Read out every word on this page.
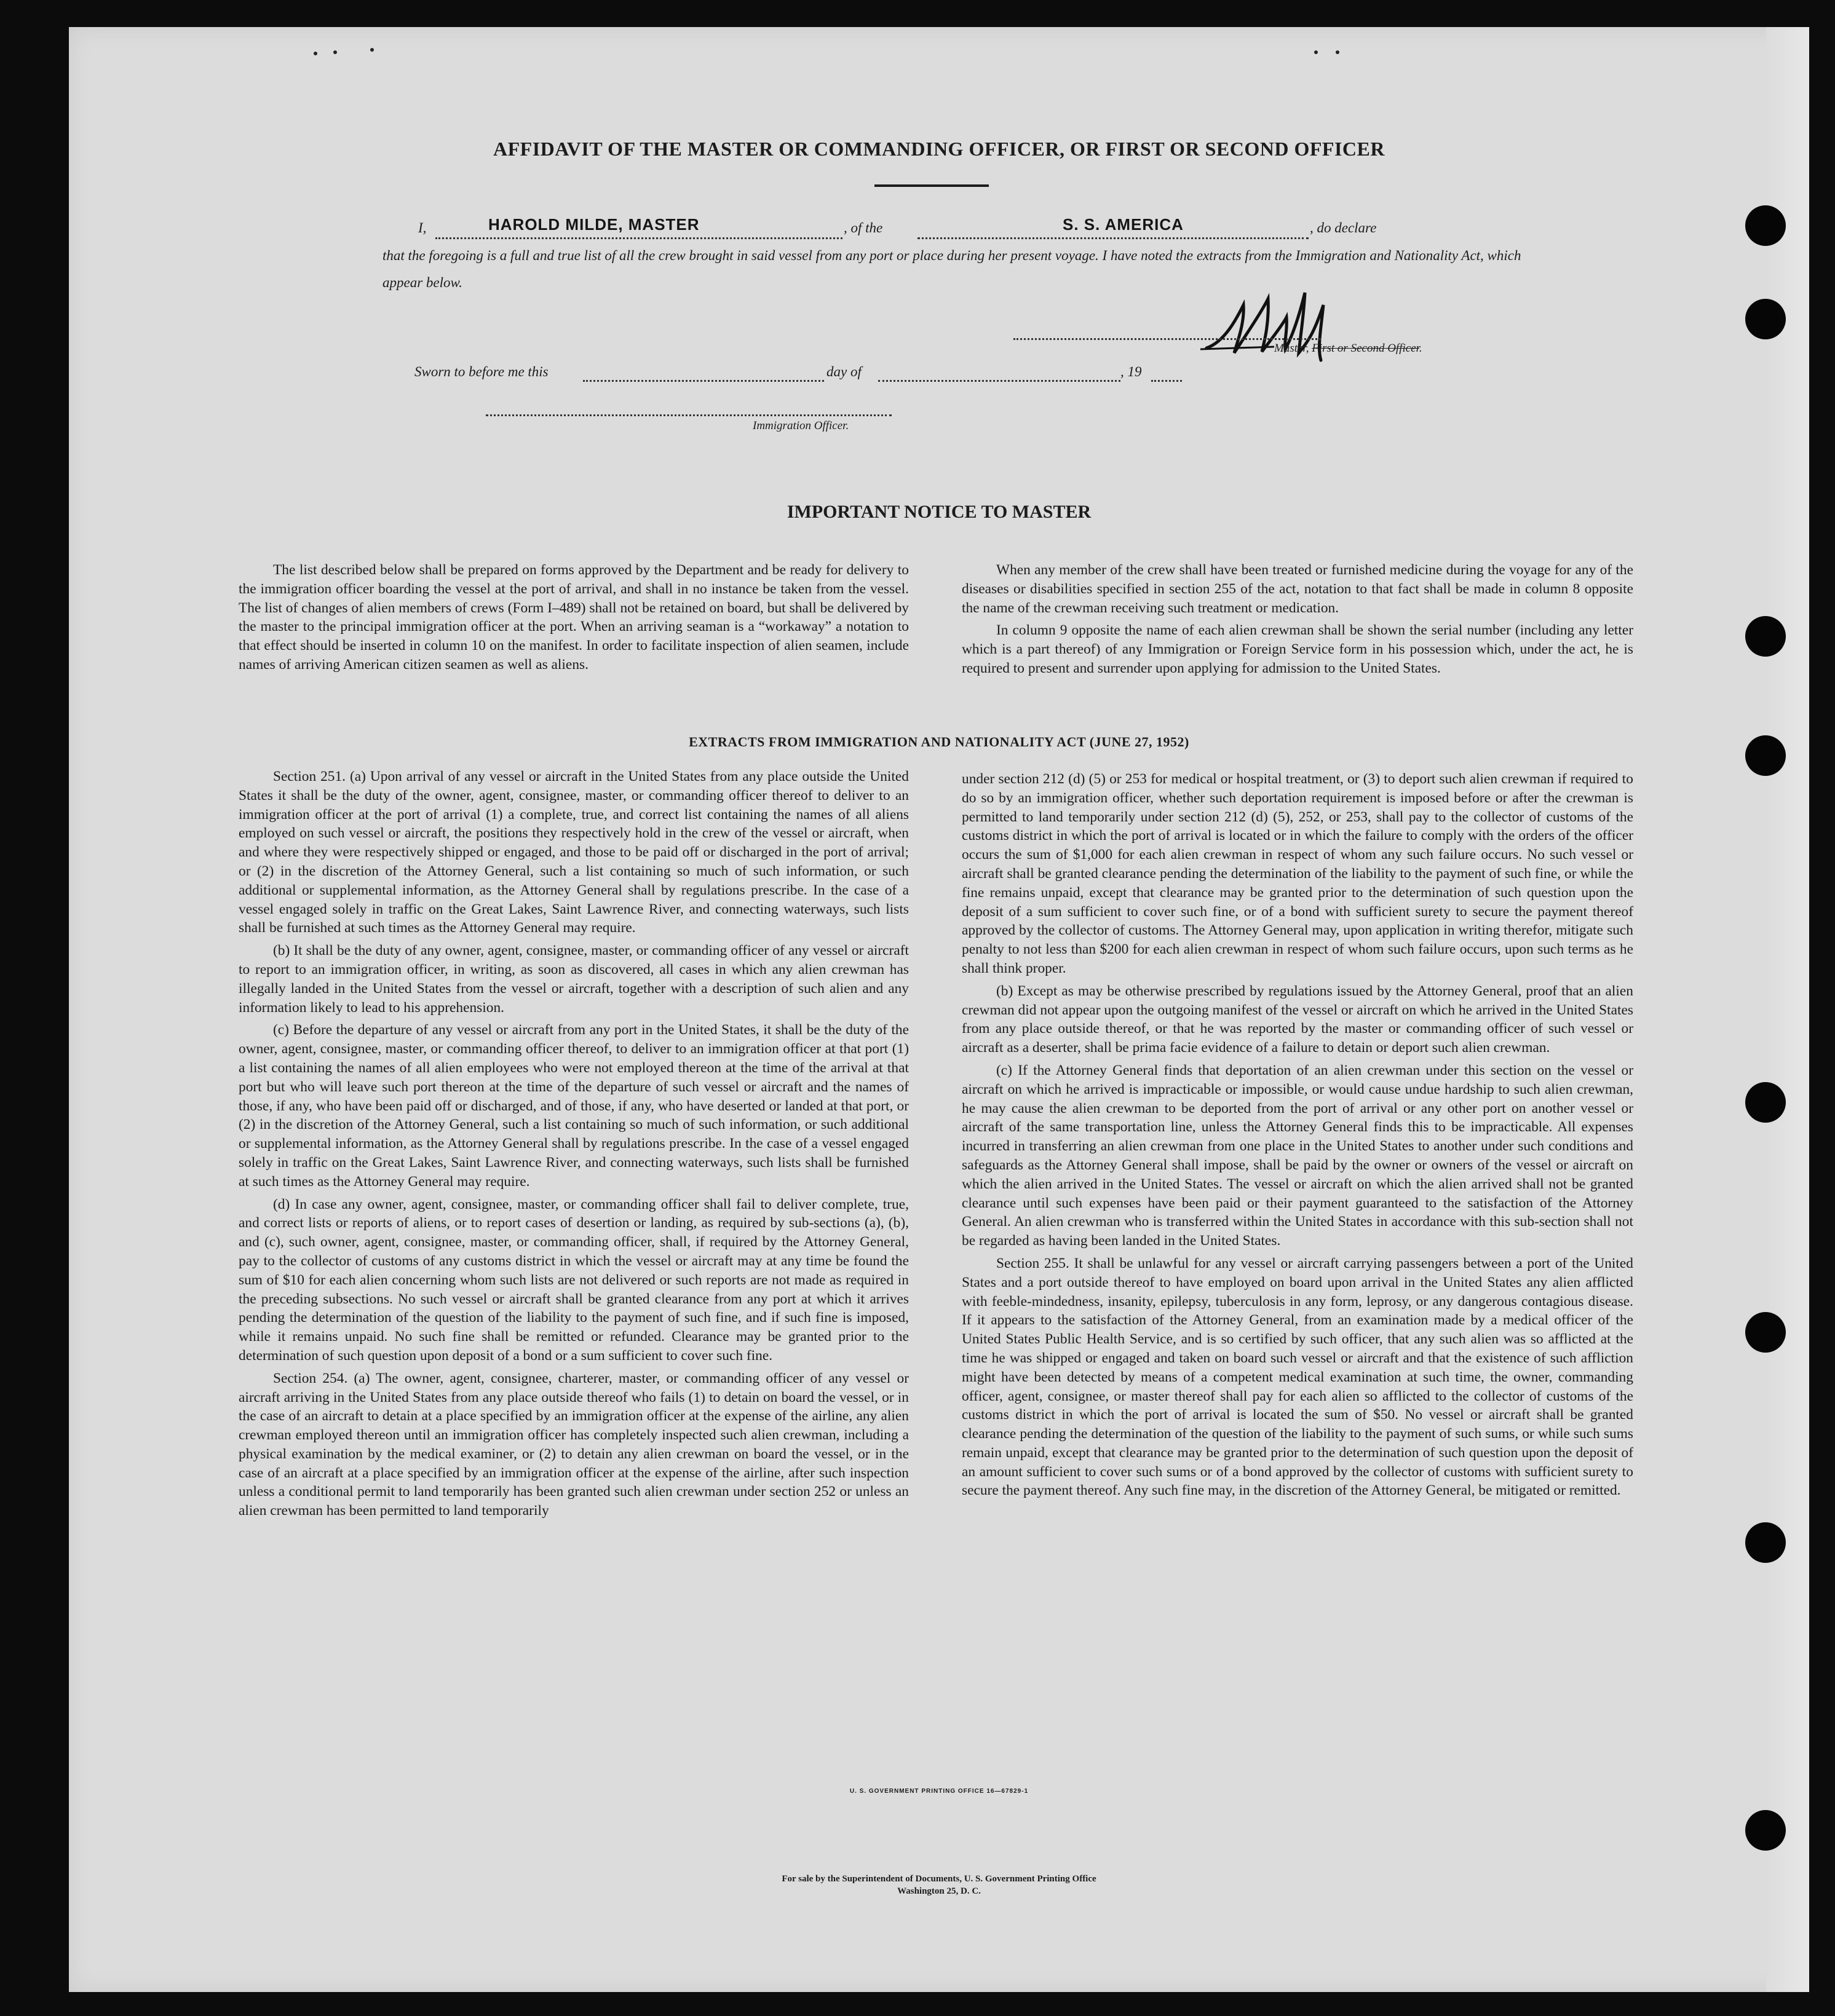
AFFIDAVIT OF THE MASTER OR COMMANDING OFFICER, OR FIRST OR SECOND OFFICER
I,	HAROLD MILDE, MASTER	, of the	S. S. AMERICA	, do declare
that the foregoing is a full and true list of all the crew brought in said vessel from any port or place during her present voyage. I have noted the extracts from the Immigration and Nationality Act, which appear below.
Master, First or Second Officer.
Sworn to before me this	day of	, 19
Immigration Officer.
IMPORTANT NOTICE TO MASTER

The list described below shall be prepared on forms approved by the Department and be ready for delivery to the immigration officer boarding the vessel at the port of arrival, and shall in no instance be taken from the vessel. The list of changes of alien members of crews (Form I–489) shall not be retained on board, but shall be delivered by the master to the principal immigration officer at the port. When an arriving seaman is a “workaway” a notation to that effect should be inserted in column 10 on the manifest. In order to facilitate inspection of alien seamen, include names of arriving American citizen seamen as well as aliens.

When any member of the crew shall have been treated or furnished medicine during the voyage for any of the diseases or disabilities specified in section 255 of the act, notation to that fact shall be made in column 8 opposite the name of the crewman receiving such treatment or medication.

In column 9 opposite the name of each alien crewman shall be shown the serial number (including any letter which is a part thereof) of any Immigration or Foreign Service form in his possession which, under the act, he is required to present and surrender upon applying for admission to the United States.

EXTRACTS FROM IMMIGRATION AND NATIONALITY ACT (JUNE 27, 1952)

Section 251. (a) Upon arrival of any vessel or aircraft in the United States from any place outside the United States it shall be the duty of the owner, agent, consignee, master, or commanding officer thereof to deliver to an immigration officer at the port of arrival (1) a complete, true, and correct list containing the names of all aliens employed on such vessel or aircraft, the positions they respectively hold in the crew of the vessel or aircraft, when and where they were respectively shipped or engaged, and those to be paid off or discharged in the port of arrival; or (2) in the discretion of the Attorney General, such a list containing so much of such information, or such additional or supplemental information, as the Attorney General shall by regulations prescribe. In the case of a vessel engaged solely in traffic on the Great Lakes, Saint Lawrence River, and connecting waterways, such lists shall be furnished at such times as the Attorney General may require.

(b) It shall be the duty of any owner, agent, consignee, master, or commanding officer of any vessel or aircraft to report to an immigration officer, in writing, as soon as discovered, all cases in which any alien crewman has illegally landed in the United States from the vessel or aircraft, together with a description of such alien and any information likely to lead to his apprehension.

(c) Before the departure of any vessel or aircraft from any port in the United States, it shall be the duty of the owner, agent, consignee, master, or commanding officer thereof, to deliver to an immigration officer at that port (1) a list containing the names of all alien employees who were not employed thereon at the time of the arrival at that port but who will leave such port thereon at the time of the departure of such vessel or aircraft and the names of those, if any, who have been paid off or discharged, and of those, if any, who have deserted or landed at that port, or (2) in the discretion of the Attorney General, such a list containing so much of such information, or such additional or supplemental information, as the Attorney General shall by regulations prescribe. In the case of a vessel engaged solely in traffic on the Great Lakes, Saint Lawrence River, and connecting waterways, such lists shall be furnished at such times as the Attorney General may require.

(d) In case any owner, agent, consignee, master, or commanding officer shall fail to deliver complete, true, and correct lists or reports of aliens, or to report cases of desertion or landing, as required by sub-sections (a), (b), and (c), such owner, agent, consignee, master, or commanding officer, shall, if required by the Attorney General, pay to the collector of customs of any customs district in which the vessel or aircraft may at any time be found the sum of $10 for each alien concerning whom such lists are not delivered or such reports are not made as required in the preceding subsections. No such vessel or aircraft shall be granted clearance from any port at which it arrives pending the determination of the question of the liability to the payment of such fine, and if such fine is imposed, while it remains unpaid. No such fine shall be remitted or refunded. Clearance may be granted prior to the determination of such question upon deposit of a bond or a sum sufficient to cover such fine.

Section 254. (a) The owner, agent, consignee, charterer, master, or commanding officer of any vessel or aircraft arriving in the United States from any place outside thereof who fails (1) to detain on board the vessel, or in the case of an aircraft to detain at a place specified by an immigration officer at the expense of the airline, any alien crewman employed thereon until an immigration officer has completely inspected such alien crewman, including a physical examination by the medical examiner, or (2) to detain any alien crewman on board the vessel, or in the case of an aircraft at a place specified by an immigration officer at the expense of the airline, after such inspection unless a conditional permit to land temporarily has been granted such alien crewman under section 252 or unless an alien crewman has been permitted to land temporarily

under section 212 (d) (5) or 253 for medical or hospital treatment, or (3) to deport such alien crewman if required to do so by an immigration officer, whether such deportation requirement is imposed before or after the crewman is permitted to land temporarily under section 212 (d) (5), 252, or 253, shall pay to the collector of customs of the customs district in which the port of arrival is located or in which the failure to comply with the orders of the officer occurs the sum of $1,000 for each alien crewman in respect of whom any such failure occurs. No such vessel or aircraft shall be granted clearance pending the determination of the liability to the payment of such fine, or while the fine remains unpaid, except that clearance may be granted prior to the determination of such question upon the deposit of a sum sufficient to cover such fine, or of a bond with sufficient surety to secure the payment thereof approved by the collector of customs. The Attorney General may, upon application in writing therefor, mitigate such penalty to not less than $200 for each alien crewman in respect of whom such failure occurs, upon such terms as he shall think proper.

(b) Except as may be otherwise prescribed by regulations issued by the Attorney General, proof that an alien crewman did not appear upon the outgoing manifest of the vessel or aircraft on which he arrived in the United States from any place outside thereof, or that he was reported by the master or commanding officer of such vessel or aircraft as a deserter, shall be prima facie evidence of a failure to detain or deport such alien crewman.

(c) If the Attorney General finds that deportation of an alien crewman under this section on the vessel or aircraft on which he arrived is impracticable or impossible, or would cause undue hardship to such alien crewman, he may cause the alien crewman to be deported from the port of arrival or any other port on another vessel or aircraft of the same transportation line, unless the Attorney General finds this to be impracticable. All expenses incurred in transferring an alien crewman from one place in the United States to another under such conditions and safeguards as the Attorney General shall impose, shall be paid by the owner or owners of the vessel or aircraft on which the alien arrived in the United States. The vessel or aircraft on which the alien arrived shall not be granted clearance until such expenses have been paid or their payment guaranteed to the satisfaction of the Attorney General. An alien crewman who is transferred within the United States in accordance with this sub-section shall not be regarded as having been landed in the United States.

Section 255. It shall be unlawful for any vessel or aircraft carrying passengers between a port of the United States and a port outside thereof to have employed on board upon arrival in the United States any alien afflicted with feeble-mindedness, insanity, epilepsy, tuberculosis in any form, leprosy, or any dangerous contagious disease. If it appears to the satisfaction of the Attorney General, from an examination made by a medical officer of the United States Public Health Service, and is so certified by such officer, that any such alien was so afflicted at the time he was shipped or engaged and taken on board such vessel or aircraft and that the existence of such affliction might have been detected by means of a competent medical examination at such time, the owner, commanding officer, agent, consignee, or master thereof shall pay for each alien so afflicted to the collector of customs of the customs district in which the port of arrival is located the sum of $50. No vessel or aircraft shall be granted clearance pending the determination of the question of the liability to the payment of such sums, or while such sums remain unpaid, except that clearance may be granted prior to the determination of such question upon the deposit of an amount sufficient to cover such sums or of a bond approved by the collector of customs with sufficient surety to secure the payment thereof. Any such fine may, in the discretion of the Attorney General, be mitigated or remitted.

U. S. GOVERNMENT PRINTING OFFICE 16—67829-1
For sale by the Superintendent of Documents, U. S. Government Printing Office
Washington 25, D. C.
